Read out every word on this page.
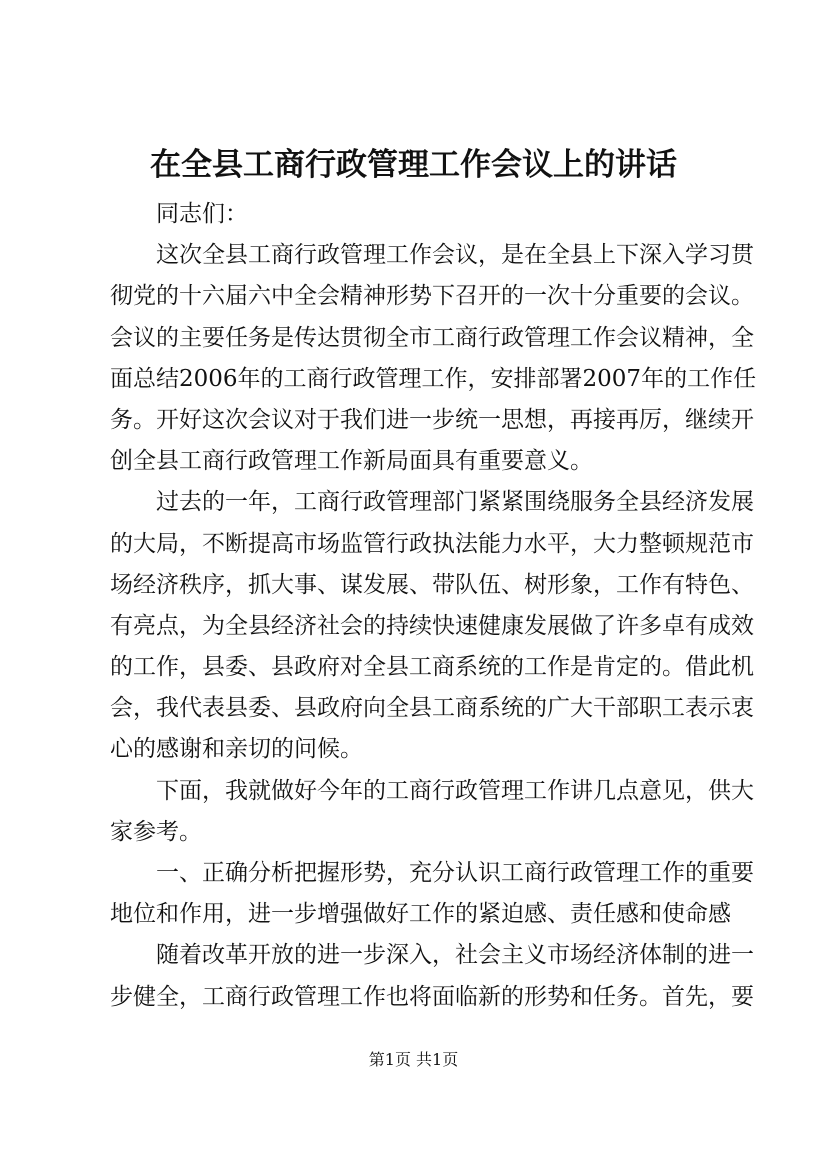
在全县工商行政管理工作会议上的讲话
同志们：
这次全县工商行政管理工作会议，是在全县上下深入学习贯
彻党的十六届六中全会精神形势下召开的一次十分重要的会议。
会议的主要任务是传达贯彻全市工商行政管理工作会议精神，全
面总结2006年的工商行政管理工作，安排部署2007年的工作任
务。开好这次会议对于我们进一步统一思想，再接再厉，继续开
创全县工商行政管理工作新局面具有重要意义。
过去的一年，工商行政管理部门紧紧围绕服务全县经济发展
的大局，不断提高市场监管行政执法能力水平，大力整顿规范市
场经济秩序，抓大事、谋发展、带队伍、树形象，工作有特色、
有亮点，为全县经济社会的持续快速健康发展做了许多卓有成效
的工作，县委、县政府对全县工商系统的工作是肯定的。借此机
会，我代表县委、县政府向全县工商系统的广大干部职工表示衷
心的感谢和亲切的问候。
下面，我就做好今年的工商行政管理工作讲几点意见，供大
家参考。
一、正确分析把握形势，充分认识工商行政管理工作的重要
地位和作用，进一步增强做好工作的紧迫感、责任感和使命感
随着改革开放的进一步深入，社会主义市场经济体制的进一
步健全，工商行政管理工作也将面临新的形势和任务。首先，要
第1页 共1页
